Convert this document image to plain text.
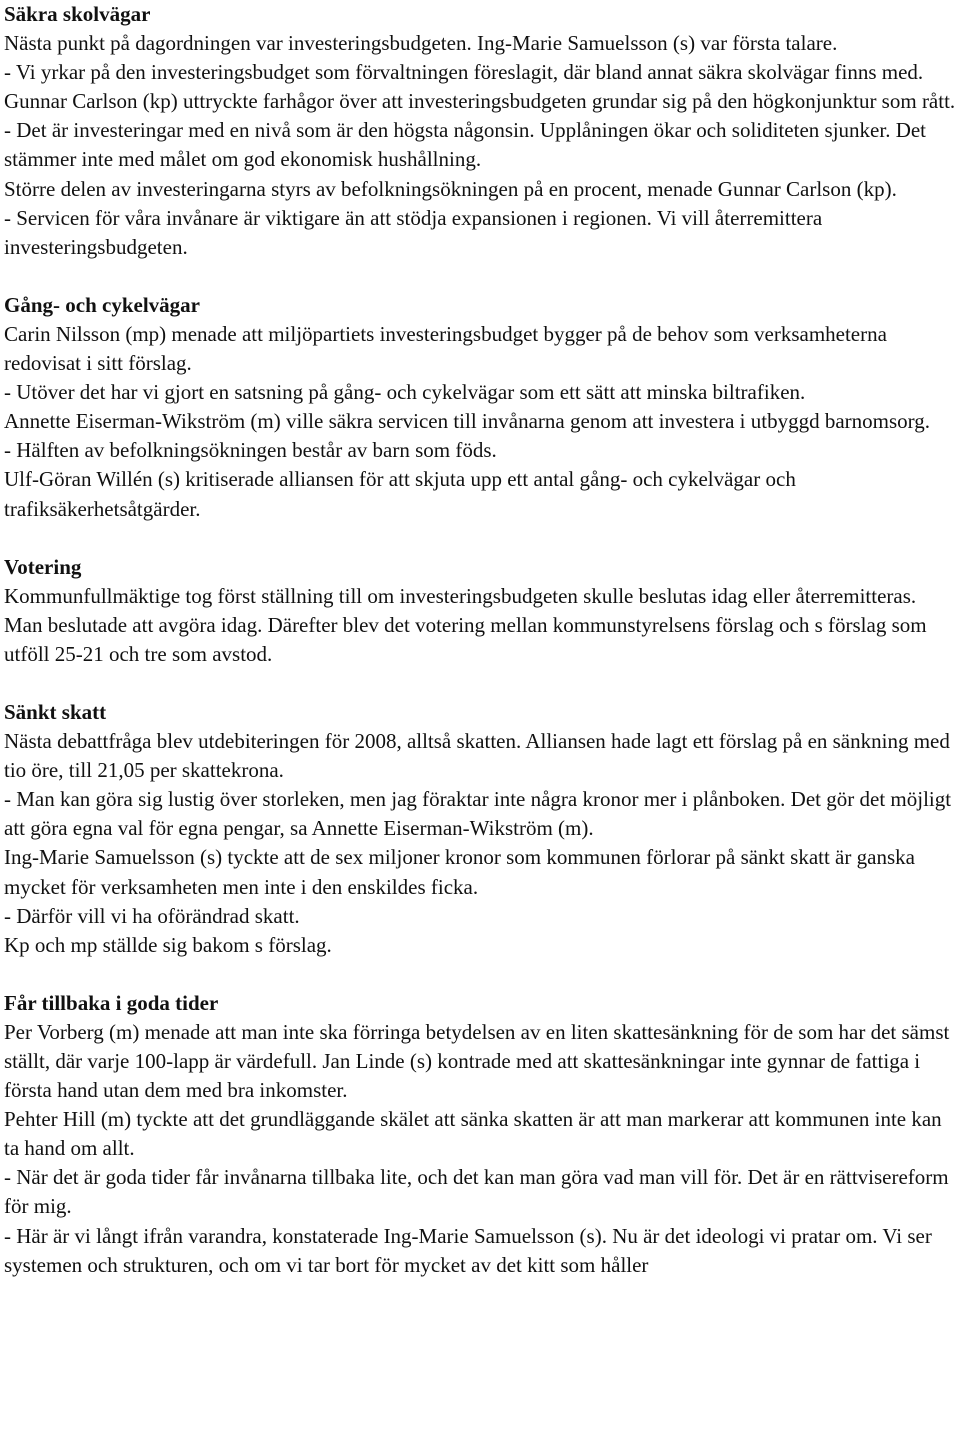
Säkra skolvägar

Nästa punkt på dagordningen var investeringsbudgeten. Ing-Marie Samuelsson (s) var första talare.

- Vi yrkar på den investeringsbudget som förvaltningen föreslagit, där bland annat säkra skolvägar finns med.

Gunnar Carlson (kp) uttryckte farhågor över att investeringsbudgeten grundar sig på den högkonjunktur som rått.

- Det är investeringar med en nivå som är den högsta någonsin. Upplåningen ökar och soliditeten sjunker. Det stämmer inte med målet om god ekonomisk hushållning.

Större delen av investeringarna styrs av befolkningsökningen på en procent, menade Gunnar Carlson (kp).

- Servicen för våra invånare är viktigare än att stödja expansionen i regionen. Vi vill återremittera investeringsbudgeten.

Gång- och cykelvägar

Carin Nilsson (mp) menade att miljöpartiets investeringsbudget bygger på de behov som verksamheterna redovisat i sitt förslag.

- Utöver det har vi gjort en satsning på gång- och cykelvägar som ett sätt att minska biltrafiken.

Annette Eiserman-Wikström (m) ville säkra servicen till invånarna genom att investera i utbyggd barnomsorg.

- Hälften av befolkningsökningen består av barn som föds.

Ulf-Göran Willén (s) kritiserade alliansen för att skjuta upp ett antal gång- och cykelvägar och trafiksäkerhetsåtgärder.

Votering

Kommunfullmäktige tog först ställning till om investeringsbudgeten skulle beslutas idag eller återremitteras. Man beslutade att avgöra idag. Därefter blev det votering mellan kommunstyrelsens förslag och s förslag som utföll 25-21 och tre som avstod.

Sänkt skatt

Nästa debattfråga blev utdebiteringen för 2008, alltså skatten. Alliansen hade lagt ett förslag på en sänkning med tio öre, till 21,05 per skattekrona.

- Man kan göra sig lustig över storleken, men jag föraktar inte några kronor mer i plånboken. Det gör det möjligt att göra egna val för egna pengar, sa Annette Eiserman-Wikström (m).

Ing-Marie Samuelsson (s) tyckte att de sex miljoner kronor som kommunen förlorar på sänkt skatt är ganska mycket för verksamheten men inte i den enskildes ficka.

- Därför vill vi ha oförändrad skatt.

Kp och mp ställde sig bakom s förslag.

Får tillbaka i goda tider

Per Vorberg (m) menade att man inte ska förringa betydelsen av en liten skattesänkning för de som har det sämst ställt, där varje 100-lapp är värdefull. Jan Linde (s) kontrade med att skattesänkningar inte gynnar de fattiga i första hand utan dem med bra inkomster.

Pehter Hill (m) tyckte att det grundläggande skälet att sänka skatten är att man markerar att kommunen inte kan ta hand om allt.

- När det är goda tider får invånarna tillbaka lite, och det kan man göra vad man vill för. Det är en rättvisereform för mig.

- Här är vi långt ifrån varandra, konstaterade Ing-Marie Samuelsson (s). Nu är det ideologi vi pratar om. Vi ser systemen och strukturen, och om vi tar bort för mycket av det kitt som håller
